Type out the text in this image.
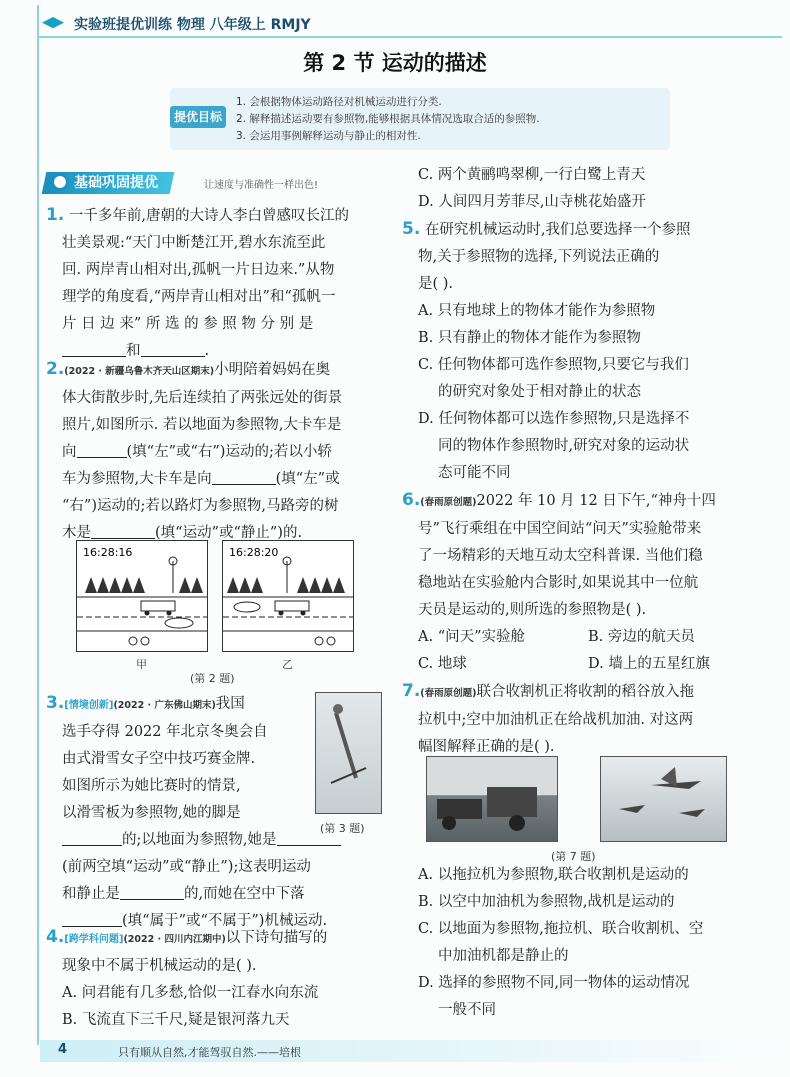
实验班提优训练 物理 八年级上 RMJY
第 2 节 运动的描述
提优目标
1. 会根据物体运动路径对机械运动进行分类.
2. 解释描述运动要有参照物,能够根据具体情况选取合适的参照物.
3. 会运用事例解释运动与静止的相对性.
基础巩固提优	让速度与准确性一样出色!
1. 一千多年前,唐朝的大诗人李白曾感叹长江的
壮美景观:“天门中断楚江开,碧水东流至此
回. 两岸青山相对出,孤帆一片日边来.”从物
理学的角度看,“两岸青山相对出”和“孤帆一
片 日 边 来” 所 选 的 参 照 物 分 别 是
和	.
2.(2022 · 新疆乌鲁木齐天山区期末)小明陪着妈妈在奥
体大街散步时,先后连续拍了两张远处的街景
照片,如图所示. 若以地面为参照物,大卡车是
向	(填“左”或“右”)运动的;若以小轿
车为参照物,大卡车是向	(填“左”或
“右”)运动的;若以路灯为参照物,马路旁的树
木是	(填“运动”或“静止”)的.
16:28:16	16:28:20
甲	乙
(第 2 题)
3.[情境创新](2022 · 广东佛山期末)我国
选手夺得 2022 年北京冬奥会自
由式滑雪女子空中技巧赛金牌.
如图所示为她比赛时的情景,
以滑雪板为参照物,她的脚是
的;以地面为参照物,她是
(前两空填“运动”或“静止”);这表明运动
和静止是	的,而她在空中下落
(填“属于”或“不属于”)机械运动.
(第 3 题)
4.[跨学科问题](2022 · 四川内江期中)以下诗句描写的
现象中不属于机械运动的是( ).
A. 问君能有几多愁,恰似一江春水向东流
B. 飞流直下三千尺,疑是银河落九天
C. 两个黄鹂鸣翠柳,一行白鹭上青天
D. 人间四月芳菲尽,山寺桃花始盛开
5. 在研究机械运动时,我们总要选择一个参照
物,关于参照物的选择,下列说法正确的
是( ).
A. 只有地球上的物体才能作为参照物
B. 只有静止的物体才能作为参照物
C. 任何物体都可选作参照物,只要它与我们
的研究对象处于相对静止的状态
D. 任何物体都可以选作参照物,只是选择不
同的物体作参照物时,研究对象的运动状
态可能不同
6.(春雨原创题)2022 年 10 月 12 日下午,“神舟十四
号”飞行乘组在中国空间站“问天”实验舱带来
了一场精彩的天地互动太空科普课. 当他们稳
稳地站在实验舱内合影时,如果说其中一位航
天员是运动的,则所选的参照物是( ).
A. “问天”实验舱	B. 旁边的航天员
C. 地球	D. 墙上的五星红旗
7.(春雨原创题)联合收割机正将收割的稻谷放入拖
拉机中;空中加油机正在给战机加油. 对这两
幅图解释正确的是( ).
(第 7 题)
A. 以拖拉机为参照物,联合收割机是运动的
B. 以空中加油机为参照物,战机是运动的
C. 以地面为参照物,拖拉机、联合收割机、空
中加油机都是静止的
D. 选择的参照物不同,同一物体的运动情况
一般不同
4	只有顺从自然,才能驾驭自然.——培根
